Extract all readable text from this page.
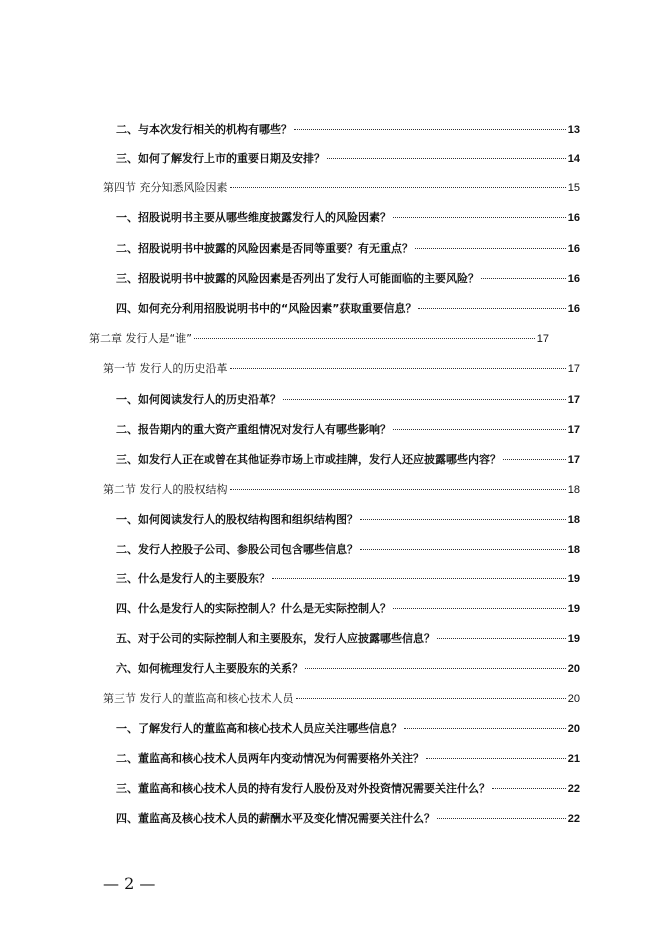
二、与本次发行相关的机构有哪些？	13
三、如何了解发行上市的重要日期及安排？	14
第四节 充分知悉风险因素	15
一、招股说明书主要从哪些维度披露发行人的风险因素？	16
二、招股说明书中披露的风险因素是否同等重要？有无重点？	16
三、招股说明书中披露的风险因素是否列出了发行人可能面临的主要风险？	16
四、如何充分利用招股说明书中的“风险因素”获取重要信息？	16
第二章 发行人是“谁”	17
第一节 发行人的历史沿革	17
一、如何阅读发行人的历史沿革？	17
二、报告期内的重大资产重组情况对发行人有哪些影响？	17
三、如发行人正在或曾在其他证券市场上市或挂牌，发行人还应披露哪些内容？	17
第二节 发行人的股权结构	18
一、如何阅读发行人的股权结构图和组织结构图？	18
二、发行人控股子公司、参股公司包含哪些信息？	18
三、什么是发行人的主要股东？	19
四、什么是发行人的实际控制人？什么是无实际控制人？	19
五、对于公司的实际控制人和主要股东，发行人应披露哪些信息？	19
六、如何梳理发行人主要股东的关系？	20
第三节 发行人的董监高和核心技术人员	20
一、了解发行人的董监高和核心技术人员应关注哪些信息？	20
二、董监高和核心技术人员两年内变动情况为何需要格外关注？	21
三、董监高和核心技术人员的持有发行人股份及对外投资情况需要关注什么？	22
四、董监高及核心技术人员的薪酬水平及变化情况需要关注什么？	22
— 2 —
